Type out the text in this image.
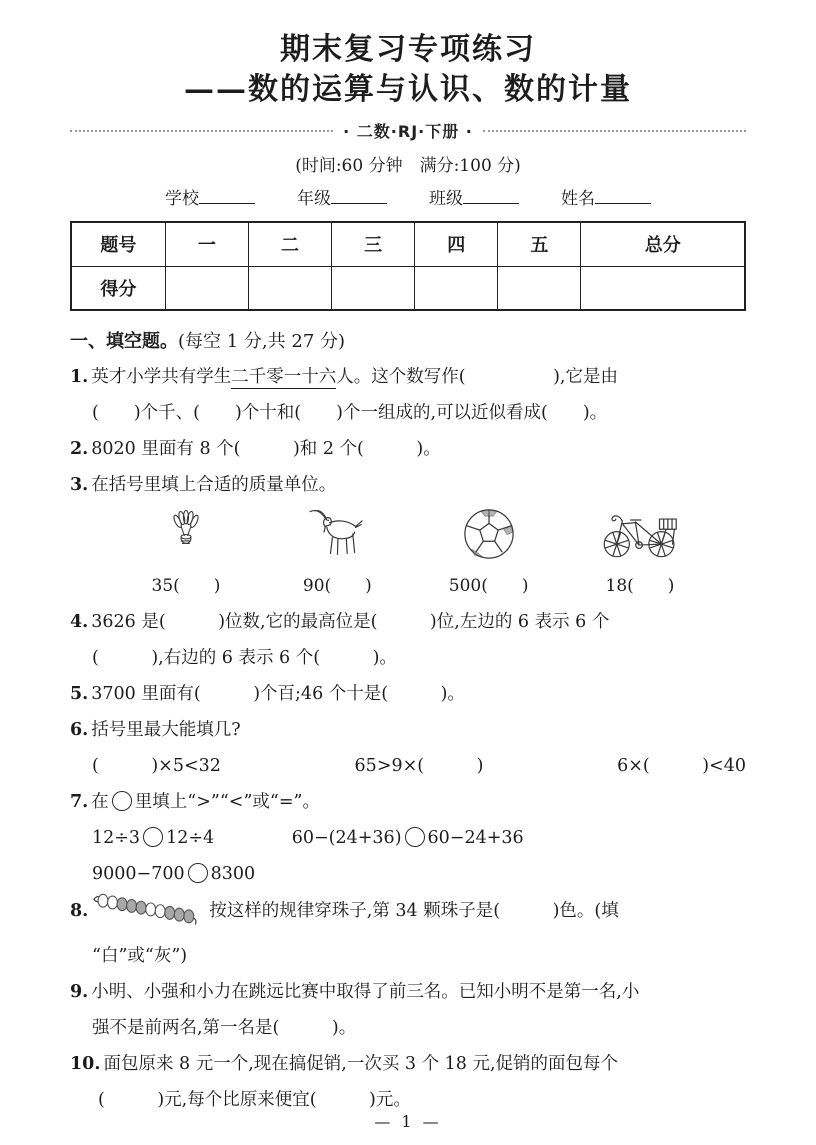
期末复习专项练习
——数的运算与认识、数的计量
· 二数·RJ·下册 ·
(时间:60 分钟　满分:100 分)
学校	年级	班级	姓名
题号	一	二	三	四	五	总分
得分						
一、填空题。(每空 1 分,共 27 分)
1. 英才小学共有学生二千零一十六人。这个数写作(　　　　　),它是由
(　　)个千、(　　)个十和(　　)个一组成的,可以近似看成(　　)。
2. 8020 里面有 8 个(　　　)和 2 个(　　　)。
3. 在括号里填上合适的质量单位。
35(　　)	90(　　)	500(　　)	18(　　)
4. 3626 是(　　　)位数,它的最高位是(　　　)位,左边的 6 表示 6 个
(　　　),右边的 6 表示 6 个(　　　)。
5. 3700 里面有(　　　)个百;46 个十是(　　　)。
6. 括号里最大能填几?
(　　　)×5<32	65>9×(　　　)	6×(　　　)<40
7. 在 里填上“>”“<”或“=”。
12÷3 12÷4	60−(24+36) 60−24+36
9000−700 8300
8.	按这样的规律穿珠子,第 34 颗珠子是(　　　)色。(填
“白”或“灰”)
9. 小明、小强和小力在跳远比赛中取得了前三名。已知小明不是第一名,小
强不是前两名,第一名是(　　　)。
10. 面包原来 8 元一个,现在搞促销,一次买 3 个 18 元,促销的面包每个
(　　　)元,每个比原来便宜(　　　)元。
— 1 —
